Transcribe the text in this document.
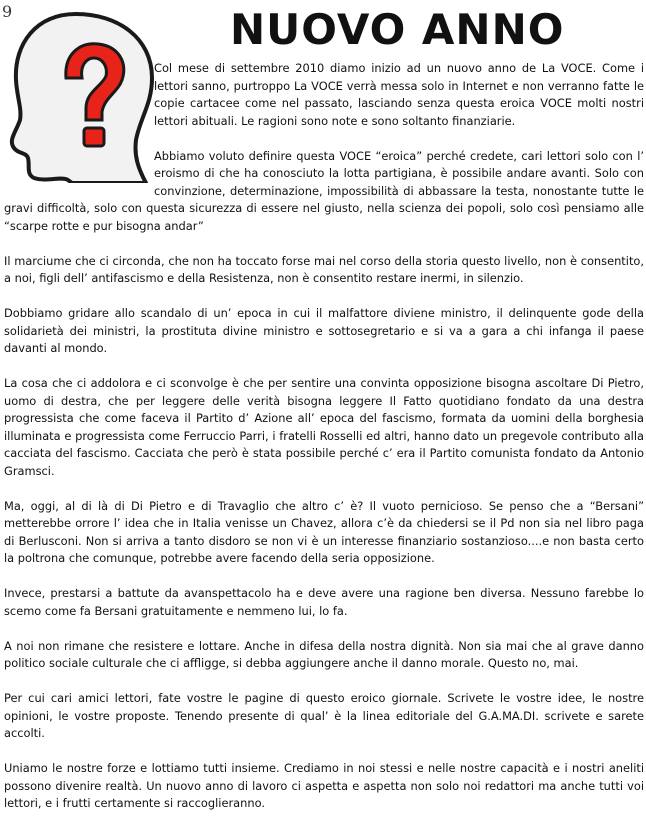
9	NUOVO ANNO

Col mese di settembre 2010 diamo inizio ad un nuovo anno de La VOCE. Come i lettori sanno, purtroppo La VOCE verrà messa solo in Internet e non verranno fatte le copie cartacee come nel passato, lasciando senza questa eroica VOCE molti nostri lettori abituali. Le ragioni sono note e sono soltanto finanziarie.

Abbiamo voluto definire questa VOCE “eroica” perché credete, cari lettori solo con l’ eroismo di che ha conosciuto la lotta partigiana, è possibile andare avanti. Solo con convinzione, determinazione, impossibilità di abbassare la testa, nonostante tutte le gravi difficoltà, solo con questa sicurezza di essere nel giusto, nella scienza dei popoli, solo così pensiamo alle “scarpe rotte e pur bisogna andar”

Il marciume che ci circonda, che non ha toccato forse mai nel corso della storia questo livello, non è consentito, a noi, figli dell’ antifascismo e della Resistenza, non è consentito restare inermi, in silenzio.

Dobbiamo gridare allo scandalo di un’ epoca in cui il malfattore diviene ministro, il delinquente gode della solidarietà dei ministri, la prostituta divine ministro e sottosegretario e si va a gara a chi infanga il paese davanti al mondo.

La cosa che ci addolora e ci sconvolge è che per sentire una convinta opposizione bisogna ascoltare Di Pietro, uomo di destra, che per leggere delle verità bisogna leggere Il Fatto quotidiano fondato da una destra progressista che come faceva il Partito d’ Azione all’ epoca del fascismo, formata da uomini della borghesia illuminata e progressista come Ferruccio Parri, i fratelli Rosselli ed altri, hanno dato un pregevole contributo alla cacciata del fascismo. Cacciata che però è stata possibile perché c’ era il Partito comunista fondato da Antonio Gramsci.

Ma, oggi, al di là di Di Pietro e di Travaglio che altro c’ è? Il vuoto pernicioso. Se penso che a “Bersani” metterebbe orrore l’ idea che in Italia venisse un Chavez, allora c’è da chiedersi se il Pd non sia nel libro paga di Berlusconi. Non si arriva a tanto disdoro se non vi è un interesse finanziario sostanzioso....e non basta certo la poltrona che comunque, potrebbe avere facendo della seria opposizione.

Invece, prestarsi a battute da avanspettacolo ha e deve avere una ragione ben diversa. Nessuno farebbe lo scemo come fa Bersani gratuitamente e nemmeno lui, lo fa.

A noi non rimane che resistere e lottare. Anche in difesa della nostra dignità. Non sia mai che al grave danno politico sociale culturale che ci affligge, si debba aggiungere anche il danno morale. Questo no, mai.

Per cui cari amici lettori, fate vostre le pagine di questo eroico giornale. Scrivete le vostre idee, le nostre opinioni, le vostre proposte. Tenendo presente di qual’ è la linea editoriale del G.A.MA.DI. scrivete e sarete accolti.

Uniamo le nostre forze e lottiamo tutti insieme. Crediamo in noi stessi e nelle nostre capacità e i nostri aneliti possono divenire realtà. Un nuovo anno di lavoro ci aspetta e aspetta non solo noi redattori ma anche tutti voi lettori, e i frutti certamente si raccoglieranno.
